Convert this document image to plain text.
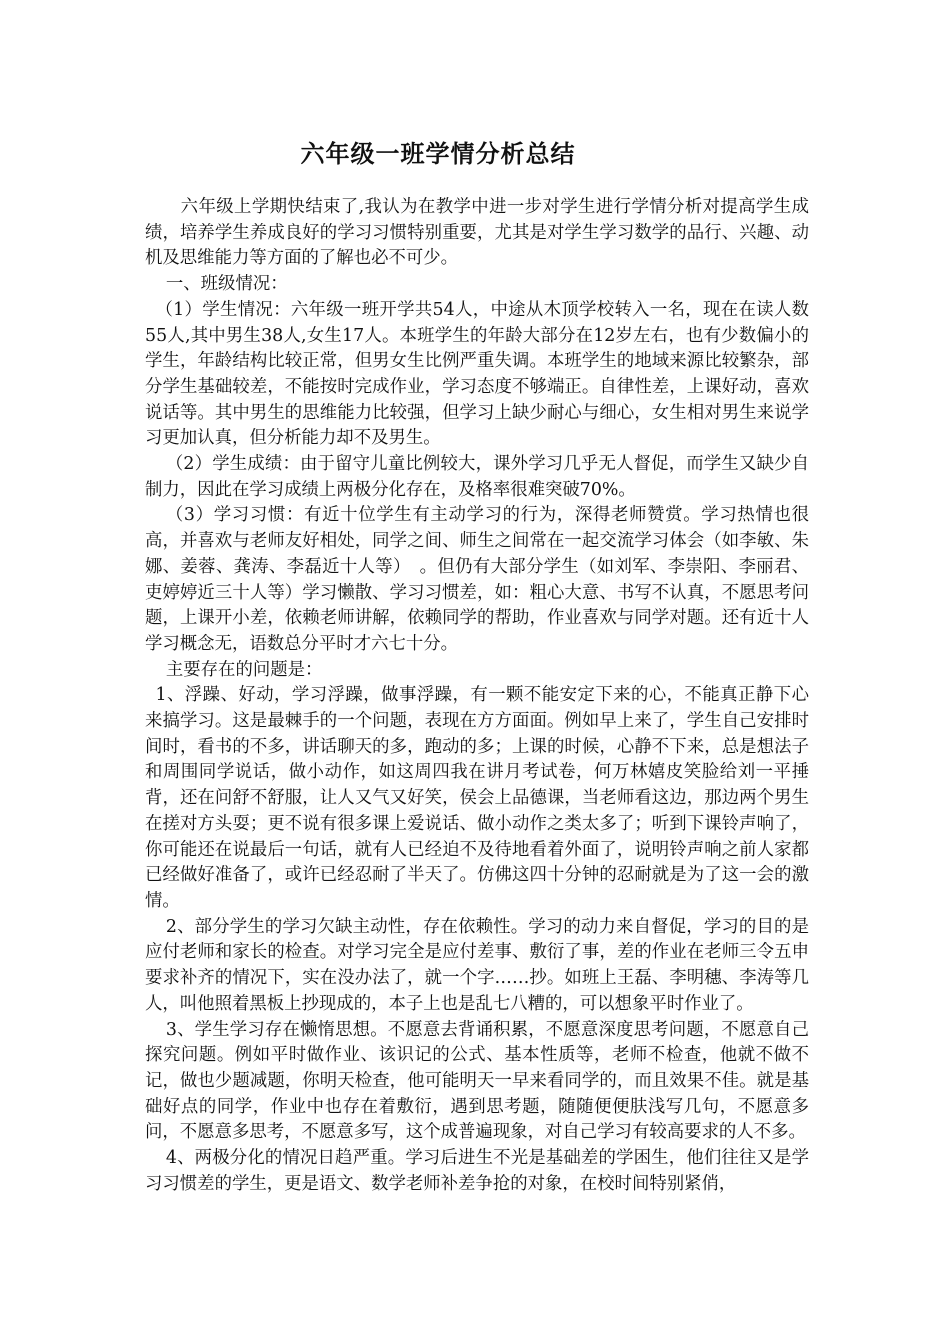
六年级一班学情分析总结

六年级上学期快结束了,我认为在教学中进一步对学生进行学情分析对提高学生成绩，培养学生养成良好的学习习惯特别重要，尤其是对学生学习数学的品行、兴趣、动机及思维能力等方面的了解也必不可少。

一、班级情况：

（1）学生情况：六年级一班开学共54人，中途从木顶学校转入一名，现在在读人数55人,其中男生38人,女生17人。本班学生的年龄大部分在12岁左右，也有少数偏小的学生，年龄结构比较正常，但男女生比例严重失调。本班学生的地域来源比较繁杂，部分学生基础较差，不能按时完成作业，学习态度不够端正。自律性差，上课好动，喜欢说话等。其中男生的思维能力比较强，但学习上缺少耐心与细心，女生相对男生来说学习更加认真，但分析能力却不及男生。

（2）学生成绩：由于留守儿童比例较大，课外学习几乎无人督促，而学生又缺少自制力，因此在学习成绩上两极分化存在，及格率很难突破70%。

（3）学习习惯：有近十位学生有主动学习的行为，深得老师赞赏。学习热情也很高，并喜欢与老师友好相处，同学之间、师生之间常在一起交流学习体会（如李敏、朱娜、姜蓉、龚涛、李磊近十人等）　。但仍有大部分学生（如刘军、李崇阳、李丽君、吏婷婷近三十人等）学习懒散、学习习惯差，如：粗心大意、书写不认真，不愿思考问题，上课开小差，依赖老师讲解，依赖同学的帮助，作业喜欢与同学对题。还有近十人学习概念无，语数总分平时才六七十分。

主要存在的问题是：

1、浮躁、好动，学习浮躁，做事浮躁，有一颗不能安定下来的心，不能真正静下心来搞学习。这是最棘手的一个问题，表现在方方面面。例如早上来了，学生自己安排时间时，看书的不多，讲话聊天的多，跑动的多；上课的时候，心静不下来，总是想法子和周围同学说话，做小动作，如这周四我在讲月考试卷，何万林嬉皮笑脸给刘一平捶背，还在问舒不舒服，让人又气又好笑，侯会上品德课，当老师看这边，那边两个男生在搓对方头耍；更不说有很多课上爱说话、做小动作之类太多了；听到下课铃声响了，你可能还在说最后一句话，就有人已经迫不及待地看着外面了，说明铃声响之前人家都已经做好准备了，或许已经忍耐了半天了。仿佛这四十分钟的忍耐就是为了这一会的激情。

2、部分学生的学习欠缺主动性，存在依赖性。学习的动力来自督促，学习的目的是应付老师和家长的检查。对学习完全是应付差事、敷衍了事，差的作业在老师三令五申要求补齐的情况下，实在没办法了，就一个字……抄。如班上王磊、李明穗、李涛等几人，叫他照着黑板上抄现成的，本子上也是乱七八糟的，可以想象平时作业了。

3、学生学习存在懒惰思想。不愿意去背诵积累，不愿意深度思考问题，不愿意自己探究问题。例如平时做作业、该识记的公式、基本性质等，老师不检查，他就不做不记，做也少题减题，你明天检查，他可能明天一早来看同学的，而且效果不佳。就是基础好点的同学，作业中也存在着敷衍，遇到思考题，随随便便肤浅写几句，不愿意多问，不愿意多思考，不愿意多写，这个成普遍现象，对自己学习有较高要求的人不多。

4、两极分化的情况日趋严重。学习后进生不光是基础差的学困生，他们往往又是学习习惯差的学生，更是语文、数学老师补差争抢的对象，在校时间特别紧俏，
